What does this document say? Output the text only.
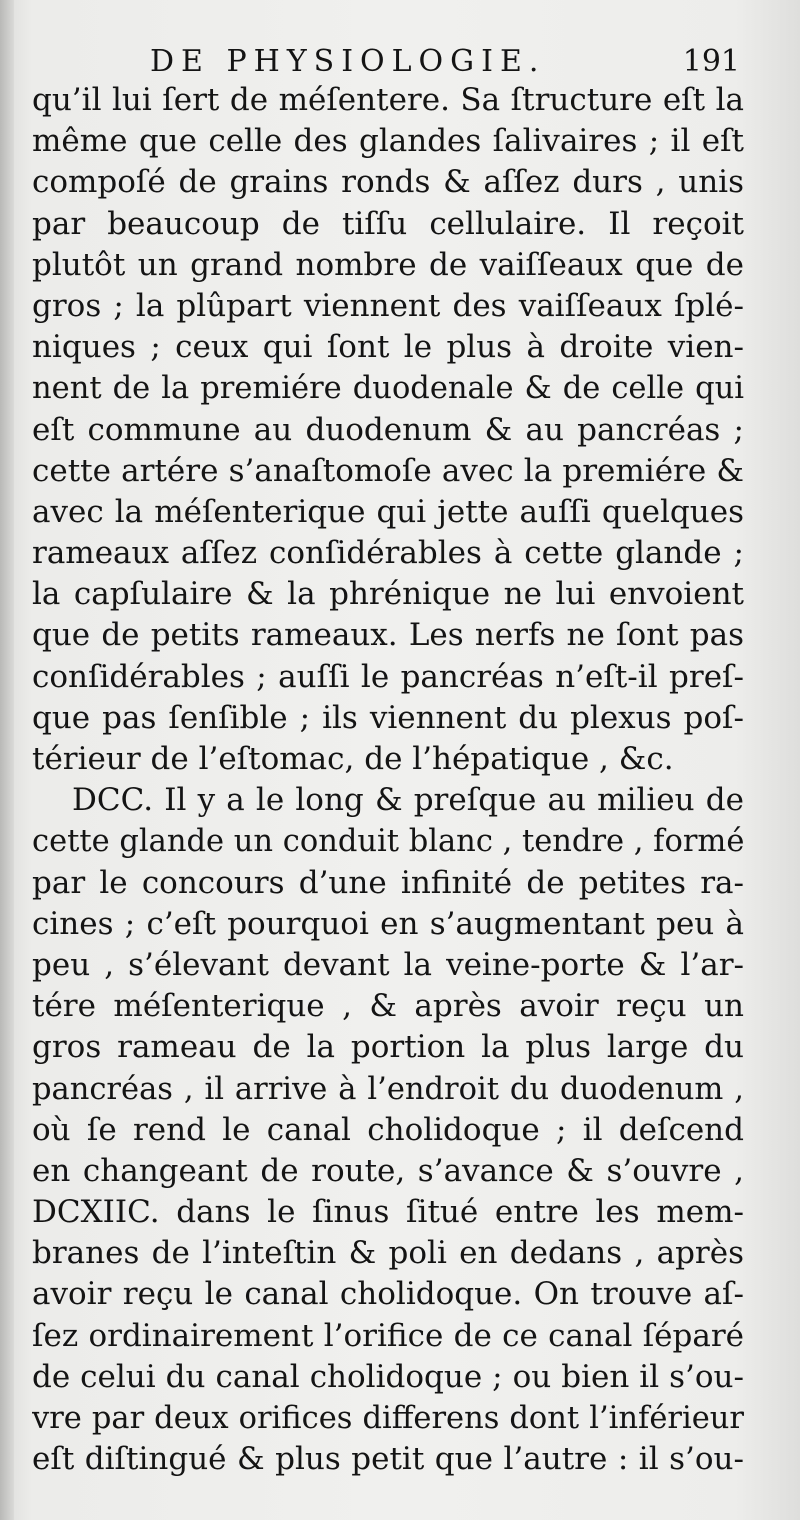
DE PHYSIOLOGIE.	191
qu’il lui ſert de méſentere. Sa ſtructure eſt la
même que celle des glandes ſalivaires ; il eſt
compoſé de grains ronds & aſſez durs , unis
par beaucoup de tiſſu cellulaire. Il reçoit
plutôt un grand nombre de vaiſſeaux que de
gros ; la plûpart viennent des vaiſſeaux ſplé-
niques ; ceux qui ſont le plus à droite vien-
nent de la premiére duodenale & de celle qui
eſt commune au duodenum & au pancréas ;
cette artére s’anaſtomoſe avec la premiére &
avec la méſenterique qui jette auſſi quelques
rameaux aſſez conſidérables à cette glande ;
la capſulaire & la phrénique ne lui envoient
que de petits rameaux. Les nerfs ne ſont pas
conſidérables ; auſſi le pancréas n’eſt-il preſ-
que pas ſenſible ; ils viennent du plexus poſ-
térieur de l’eſtomac, de l’hépatique , &c.
DCC. Il y a le long & preſque au milieu de
cette glande un conduit blanc , tendre , formé
par le concours d’une infinité de petites ra-
cines ; c’eſt pourquoi en s’augmentant peu à
peu , s’élevant devant la veine-porte & l’ar-
tére méſenterique , & après avoir reçu un
gros rameau de la portion la plus large du
pancréas , il arrive à l’endroit du duodenum ,
où ſe rend le canal cholidoque ; il deſcend
en changeant de route, s’avance & s’ouvre ,
DCXIIC. dans le ſinus ſitué entre les mem-
branes de l’inteſtin & poli en dedans , après
avoir reçu le canal cholidoque. On trouve aſ-
ſez ordinairement l’orifice de ce canal ſéparé
de celui du canal cholidoque ; ou bien il s’ou-
vre par deux orifices differens dont l’inférieur
eſt diſtingué & plus petit que l’autre : il s’ou-
